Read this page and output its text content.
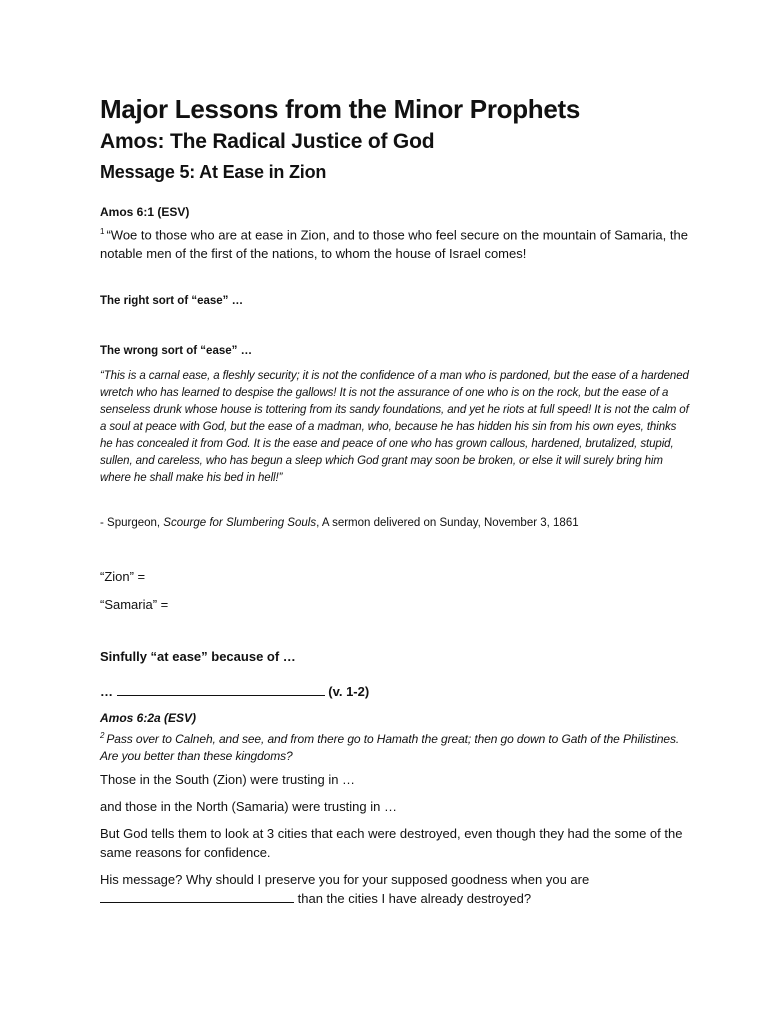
Major Lessons from the Minor Prophets
Amos: The Radical Justice of God
Message 5: At Ease in Zion
Amos 6:1 (ESV)
$^1$ “Woe to those who are at ease in Zion, and to those who feel secure on the mountain of Samaria, the notable men of the first of the nations, to whom the house of Israel comes!
The right sort of “ease” …
The wrong sort of “ease” …
“This is a carnal ease, a fleshly security; it is not the confidence of a man who is pardoned, but the ease of a hardened wretch who has learned to despise the gallows! It is not the assurance of one who is on the rock, but the ease of a senseless drunk whose house is tottering from its sandy foundations, and yet he riots at full speed! It is not the calm of a soul at peace with God, but the ease of a madman, who, because he has hidden his sin from his own eyes, thinks he has concealed it from God. It is the ease and peace of one who has grown callous, hardened, brutalized, stupid, sullen, and careless, who has begun a sleep which God grant may soon be broken, or else it will surely bring him where he shall make his bed in hell!”
- Spurgeon, Scourge for Slumbering Souls, A sermon delivered on Sunday, November 3, 1861
“Zion” =
“Samaria” =
Sinfully “at ease” because of …
…	(v. 1-2)
Amos 6:2a (ESV)
$^2$ Pass over to Calneh, and see, and from there go to Hamath the great; then go down to Gath of the Philistines. Are you better than these kingdoms?
Those in the South (Zion) were trusting in …
and those in the North (Samaria) were trusting in …
But God tells them to look at 3 cities that each were destroyed, even though they had the some of the same reasons for confidence.
His message? Why should I preserve you for your supposed goodness when you are
than the cities I have already destroyed?
